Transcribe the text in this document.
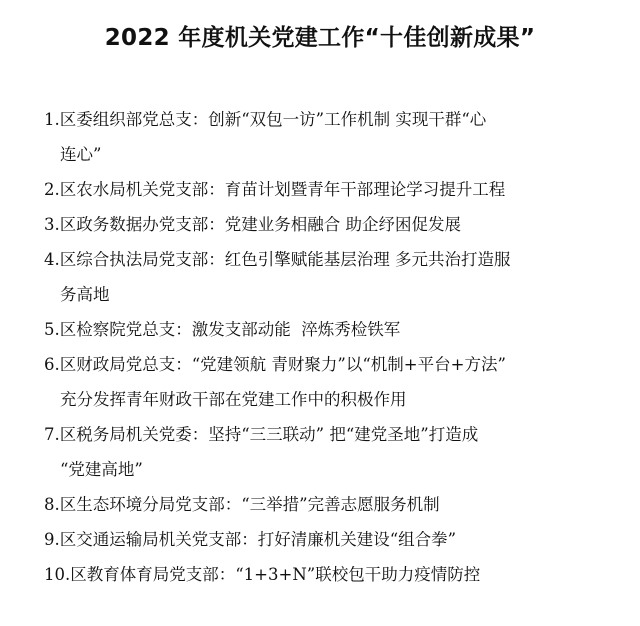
2022 年度机关党建工作“十佳创新成果”
1.区委组织部党总支：创新“双包一访”工作机制 实现干群“心
连心”
2.区农水局机关党支部：育苗计划暨青年干部理论学习提升工程
3.区政务数据办党支部：党建业务相融合 助企纾困促发展
4.区综合执法局党支部：红色引擎赋能基层治理 多元共治打造服
务高地
5.区检察院党总支：激发支部动能  淬炼秀检铁军
6.区财政局党总支：“党建领航 青财聚力”以“机制+平台+方法”
充分发挥青年财政干部在党建工作中的积极作用
7.区税务局机关党委：坚持“三三联动” 把“建党圣地”打造成
“党建高地”
8.区生态环境分局党支部：“三举措”完善志愿服务机制
9.区交通运输局机关党支部：打好清廉机关建设“组合拳”
10.区教育体育局党支部：“1+3+N”联校包干助力疫情防控
